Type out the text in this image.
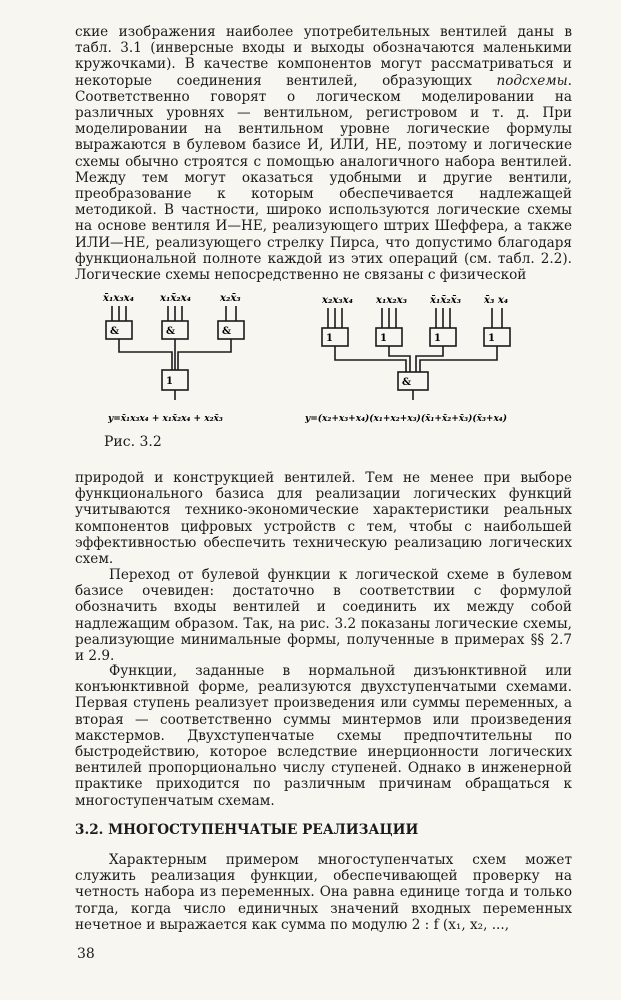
ские изображения наиболее употребительных вентилей даны в табл. 3.1 (инверсные входы и выходы обозначаются маленькими кружочками). В качестве компонентов могут рассматриваться и некоторые соединения вентилей, образующих подсхемы. Соответственно говорят о логическом моделировании на различных уровнях — вентильном, регистровом и т. д. При моделировании на вентильном уровне логические формулы выражаются в булевом базисе И, ИЛИ, НЕ, поэтому и логические схемы обычно строятся с помощью аналогичного набора вентилей. Между тем могут оказаться удобными и другие вентили, преобразование к которым обеспечивается надлежащей методикой. В частности, широко используются логические схемы на основе вентиля И—НЕ, реализующего штрих Шеффера, а также ИЛИ—НЕ, реализующего стрелку Пирса, что допустимо благодаря функциональной полноте каждой из этих операций (см. табл. 2.2). Логические схемы непосредственно не связаны с физической

x̄₁x₃x₄	x₁x̄₂x₄	x₂x̄₃	x₂x₃x₄ x₁x₂x₃ x̄₁x̄₂x̄₃ x̄₃ x₄
&	&	&
1
1	1	1	1
&
y=x̄₁x₃x₄ + x₁x̄₂x₄ + x₂x̄₃	y=(x₂+x₃+x₄)(x₁+x₂+x₃)(x̄₁+x̄₂+x̄₃)(x̄₃+x₄)

Рис. 3.2

природой и конструкцией вентилей. Тем не менее при выборе функционального базиса для реализации логических функций учитываются технико-экономические характеристики реальных компонентов цифровых устройств с тем, чтобы с наибольшей эффективностью обеспечить техническую реализацию логических схем.

Переход от булевой функции к логической схеме в булевом базисе очевиден: достаточно в соответствии с формулой обозначить входы вентилей и соединить их между собой надлежащим образом. Так, на рис. 3.2 показаны логические схемы, реализующие минимальные формы, полученные в примерах §§ 2.7 и 2.9.

Функции, заданные в нормальной дизъюнктивной или конъюнктивной форме, реализуются двухступенчатыми схемами. Первая ступень реализует произведения или суммы переменных, а вторая — соответственно суммы минтермов или произведения макстермов. Двухступенчатые схемы предпочтительны по быстродействию, которое вследствие инерционности логических вентилей пропорционально числу ступеней. Однако в инженерной практике приходится по различным причинам обращаться к многоступенчатым схемам.

3.2. МНОГОСТУПЕНЧАТЫЕ РЕАЛИЗАЦИИ

Характерным примером многоступенчатых схем может служить реализация функции, обеспечивающей проверку на четность набора из переменных. Она равна единице тогда и только тогда, когда число единичных значений входных переменных нечетное и выражается как сумма по модулю 2 : f (x₁, x₂, ...,

38
